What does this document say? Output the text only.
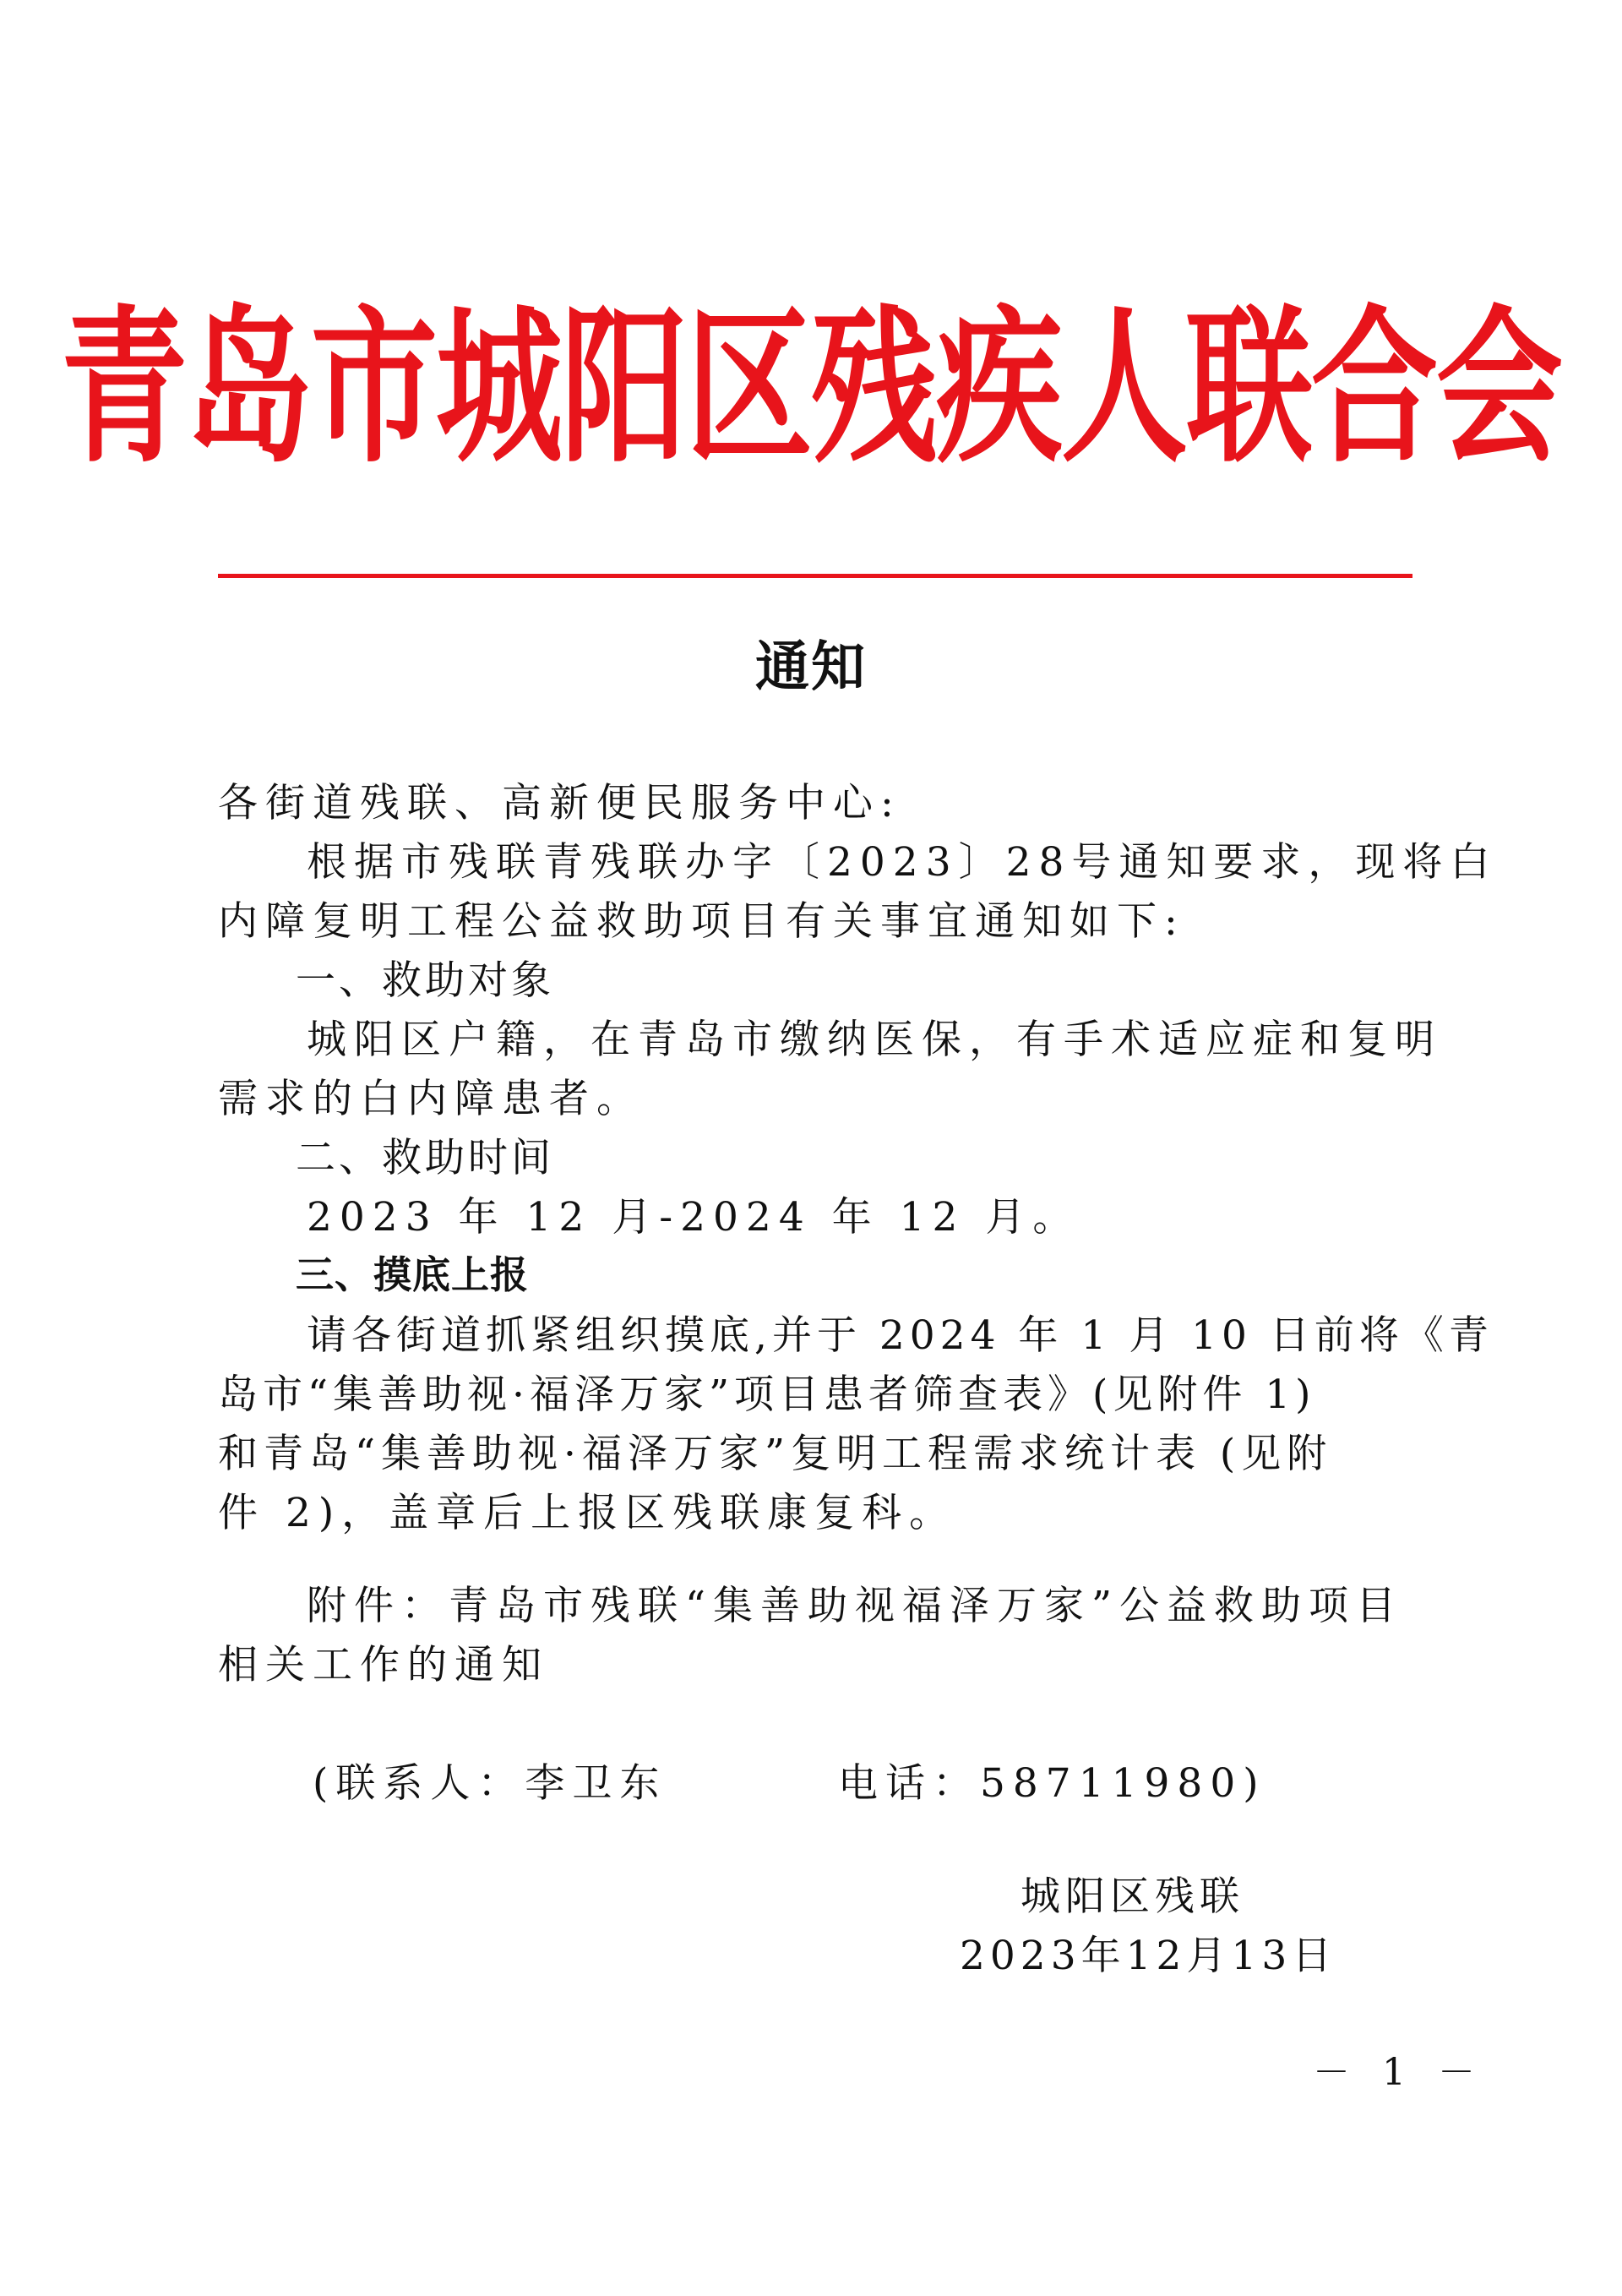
青岛市城阳区残疾人联合会
通知
各街道残联、高新便民服务中心:
根据市残联青残联办字〔2023〕28号通知要求，现将白
内障复明工程公益救助项目有关事宜通知如下:
一、救助对象
城阳区户籍，在青岛市缴纳医保，有手术适应症和复明
需求的白内障患者。
二、救助时间
2023 年 12 月-2024 年 12 月。
三、摸底上报
请各街道抓紧组织摸底,并于 2024 年 1 月 10 日前将《青
岛市“集善助视·福泽万家”项目患者筛查表》(见附件 1)
和青岛“集善助视·福泽万家”复明工程需求统计表 (见附
件 2)，盖章后上报区残联康复科。
附件：青岛市残联“集善助视福泽万家”公益救助项目
相关工作的通知
(联系人：李卫东	电话：58711980)
城阳区残联
2023年12月13日
－ 1 －
